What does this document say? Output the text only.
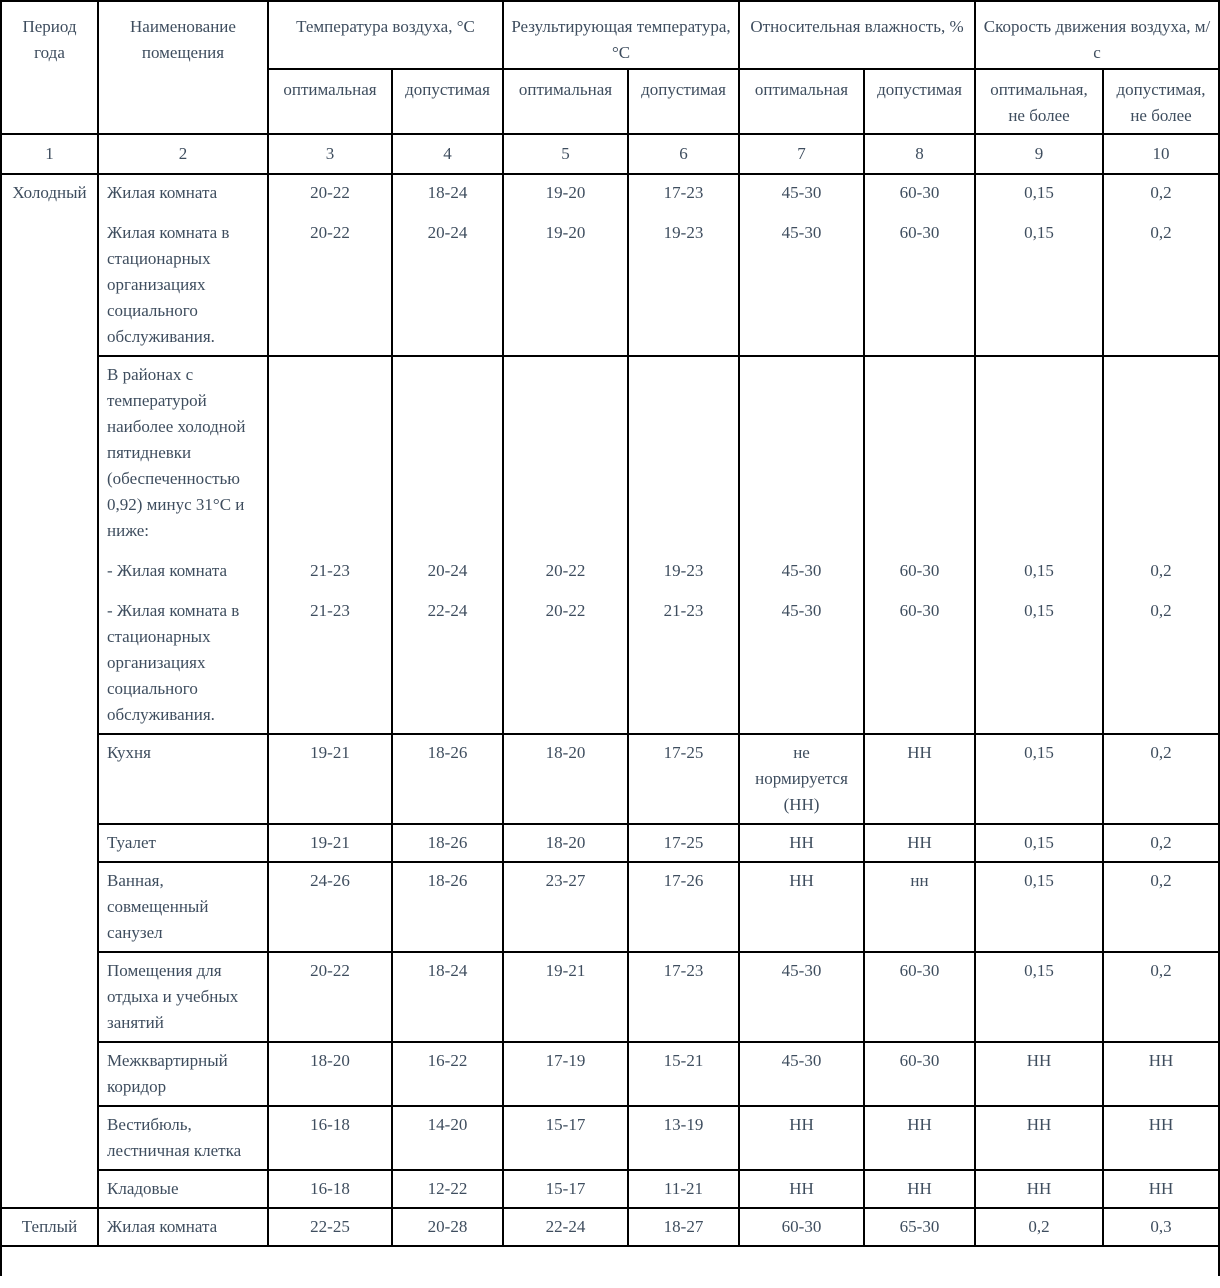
Период года	Наименование помещения	Температура воздуха, °С		Результирующая температура, °С		Относительная влажность, %		Скорость движения воздуха, м/с	
		оптимальная	допустимая	оптимальная	допустимая	оптимальная	допустимая	оптимальная, не более	допустимая, не более
1	2	3	4	5	6	7	8	9	10
Холодный	Жилая комната	20-22	18-24	19-20	17-23	45-30	60-30	0,15	0,2
	Жилая комната в стационарных организациях социального обслуживания.	20-22	20-24	19-20	19-23	45-30	60-30	0,15	0,2
	В районах с температурой наиболее холодной пятидневки (обеспеченностью 0,92) минус 31°С и ниже:								
	- Жилая комната	21-23	20-24	20-22	19-23	45-30	60-30	0,15	0,2
	- Жилая комната в стационарных организациях социального обслуживания.	21-23	22-24	20-22	21-23	45-30	60-30	0,15	0,2
	Кухня	19-21	18-26	18-20	17-25	не нормируется (НН)	НН	0,15	0,2
	Туалет	19-21	18-26	18-20	17-25	НН	НН	0,15	0,2
	Ванная, совмещенный санузел	24-26	18-26	23-27	17-26	НН	нн	0,15	0,2
	Помещения для отдыха и учебных занятий	20-22	18-24	19-21	17-23	45-30	60-30	0,15	0,2
	Межквартирный коридор	18-20	16-22	17-19	15-21	45-30	60-30	НН	НН
	Вестибюль, лестничная клетка	16-18	14-20	15-17	13-19	НН	НН	НН	НН
	Кладовые	16-18	12-22	15-17	11-21	НН	НН	НН	НН
Теплый	Жилая комната	22-25	20-28	22-24	18-27	60-30	65-30	0,2	0,3
